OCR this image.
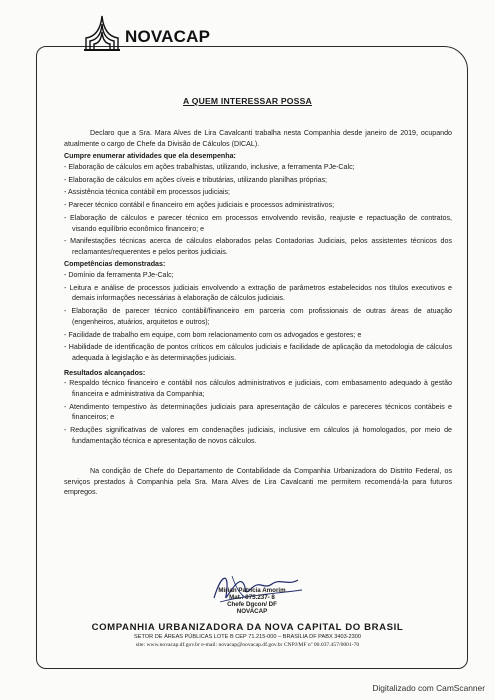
NOVACAP
A QUEM INTERESSAR POSSA

Declaro que a Sra. Mara Alves de Lira Cavalcanti trabalha nesta Companhia desde janeiro de 2019, ocupando atualmente o cargo de Chefe da Divisão de Cálculos (DICAL).

Cumpre enumerar atividades que ela desempenha:

- Elaboração de cálculos em ações trabalhistas, utilizando, inclusive, a ferramenta PJe-Calc;
- Elaboração de cálculos em ações cíveis e tributárias, utilizando planilhas próprias;
- Assistência técnica contábil em processos judiciais;
- Parecer técnico contábil e financeiro em ações judiciais e processos administrativos;
- Elaboração de cálculos e parecer técnico em processos envolvendo revisão, reajuste e repactuação de contratos, visando equilíbrio econômico financeiro; e
- Manifestações técnicas acerca de cálculos elaborados pelas Contadorias Judiciais, pelos assistentes técnicos dos reclamantes/requerentes e pelos peritos judiciais.

Competências demonstradas:

- Domínio da ferramenta PJe-Calc;
- Leitura e análise de processos judiciais envolvendo a extração de parâmetros estabelecidos nos títulos executivos e demais informações necessárias à elaboração de cálculos judiciais.
- Elaboração de parecer técnico contábil/financeiro em parceria com profissionais de outras áreas de atuação (engenheiros, atuários, arquitetos e outros);
- Facilidade de trabalho em equipe, com bom relacionamento com os advogados e gestores; e
- Habilidade de identificação de pontos críticos em cálculos judiciais e facilidade de aplicação da metodologia de cálculos adequada à legislação e às determinações judiciais.

Resultados alcançados:

- Respaldo técnico financeiro e contábil nos cálculos administrativos e judiciais, com embasamento adequado à gestão financeira e administrativa da Companhia;
- Atendimento tempestivo às determinações judiciais para apresentação de cálculos e pareceres técnicos contábeis e financeiros; e
- Reduções significativas de valores em condenações judiciais, inclusive em cálculos já homologados, por meio de fundamentação técnica e apresentação de novos cálculos.

Na condição de Chefe do Departamento de Contabilidade da Companhia Urbanizadora do Distrito Federal, os serviços prestados à Companhia pela Sra. Mara Alves de Lira Cavalcanti me permitem recomendá-la para futuros empregos.

Mirian Patricia Amorim
Mat.: 975.237- 8
Chefe Dgcon/ DF
NOVACAP
COMPANHIA URBANIZADORA DA NOVA CAPITAL DO BRASIL
SETOR DE ÁREAS PÚBLICAS LOTE B CEP 71.215-000 – BRASÍLIA DF PABX 3403-2300
site: www.novacap.df.gov.br e-mail: novacap@novacap.df.gov.br CNPJ/MF nº 00.037.457/0001-70
Digitalizado com CamScanner
